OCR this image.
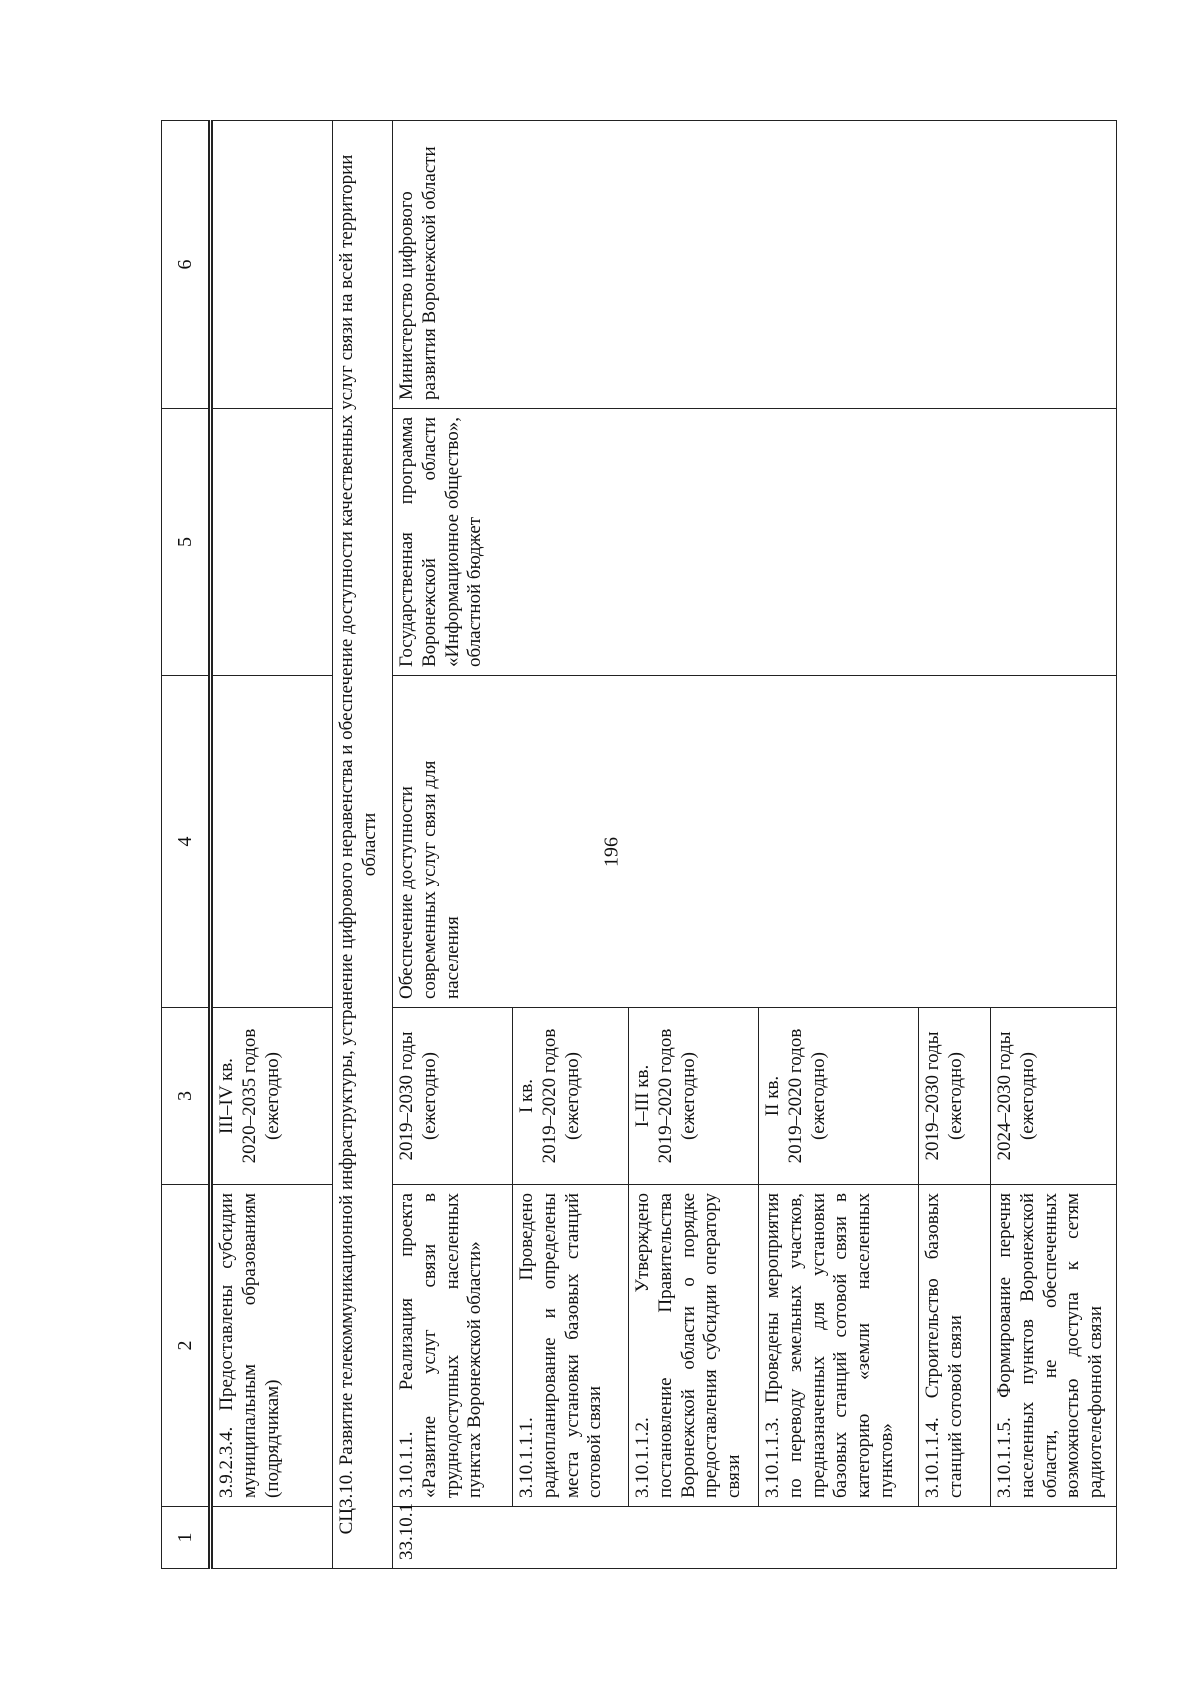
196
1	2	3	4	5	6
	3.9.2.3.4. Предоставлены субсидии муниципальным образованиям (подрядчикам)	III–IV кв. 2020–2035 годов (ежегодно)			

СЦ3.10. Развитие телекоммуникационной инфраструктуры, устранение цифрового неравенства и обеспечение доступности качественных услуг связи на всей территории области					
33.10.1	3.10.1.1. Реализация проекта «Развитие услуг связи в труднодоступных населенных пунктах Воронежской области»	2019–2030 годы (ежегодно)	Обеспечение доступности современных услуг связи для населения	Государственная программа Воронежской области «Информационное общество», областной бюджет	Министерство цифрового развития Воронежской области
	3.10.1.1.1. Проведено радиопланирование и определены места установки базовых станций сотовой связи	I кв. 2019–2020 годов (ежегодно)			

	3.10.1.1.2. Утверждено постановление Правительства Воронежской области о порядке предоставления субсидии оператору связи	I–III кв. 2019–2020 годов (ежегодно)			

	3.10.1.1.3. Проведены мероприятия по переводу земельных участков, предназначенных для установки базовых станций сотовой связи в категорию «земли населенных пунктов»	II кв. 2019–2020 годов (ежегодно)			

	3.10.1.1.4. Строительство базовых станций сотовой связи	2019–2030 годы (ежегодно)			

	3.10.1.1.5. Формирование перечня населенных пунктов Воронежской области, не обеспеченных возможностью доступа к сетям радиотелефонной связи	2024–2030 годы (ежегодно)			
